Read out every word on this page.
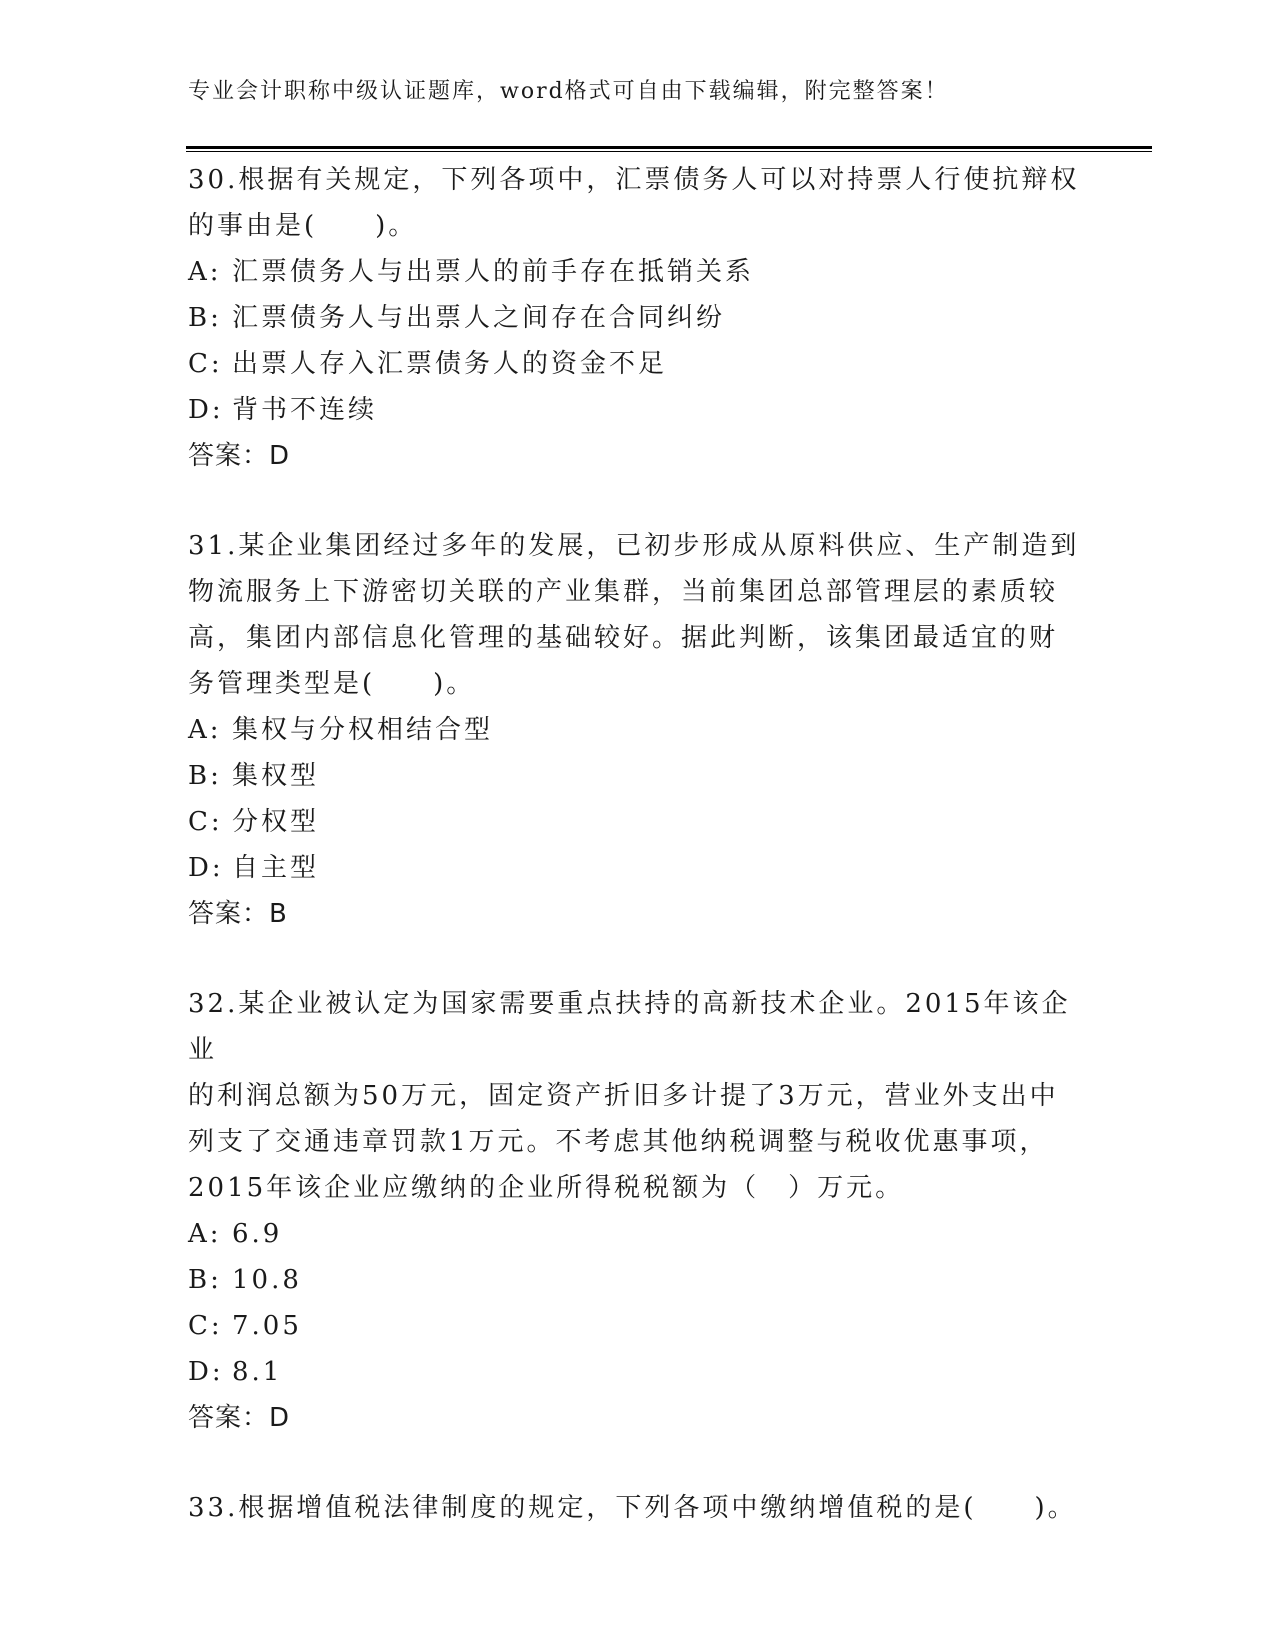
专业会计职称中级认证题库，word格式可自由下载编辑，附完整答案！
30.根据有关规定，下列各项中，汇票债务人可以对持票人行使抗辩权
的事由是(　　)。
A: 汇票债务人与出票人的前手存在抵销关系
B: 汇票债务人与出票人之间存在合同纠纷
C: 出票人存入汇票债务人的资金不足
D: 背书不连续
答案：D
31.某企业集团经过多年的发展，已初步形成从原料供应、生产制造到
物流服务上下游密切关联的产业集群，当前集团总部管理层的素质较
高，集团内部信息化管理的基础较好。据此判断，该集团最适宜的财
务管理类型是(　　)。
A: 集权与分权相结合型
B: 集权型
C: 分权型
D: 自主型
答案：B
32.某企业被认定为国家需要重点扶持的高新技术企业。2015年该企业
的利润总额为50万元，固定资产折旧多计提了3万元，营业外支出中
列支了交通违章罚款1万元。不考虑其他纳税调整与税收优惠事项，
2015年该企业应缴纳的企业所得税税额为（　）万元。
A: 6.9
B: 10.8
C: 7.05
D: 8.1
答案：D
33.根据增值税法律制度的规定，下列各项中缴纳增值税的是(　　)。
